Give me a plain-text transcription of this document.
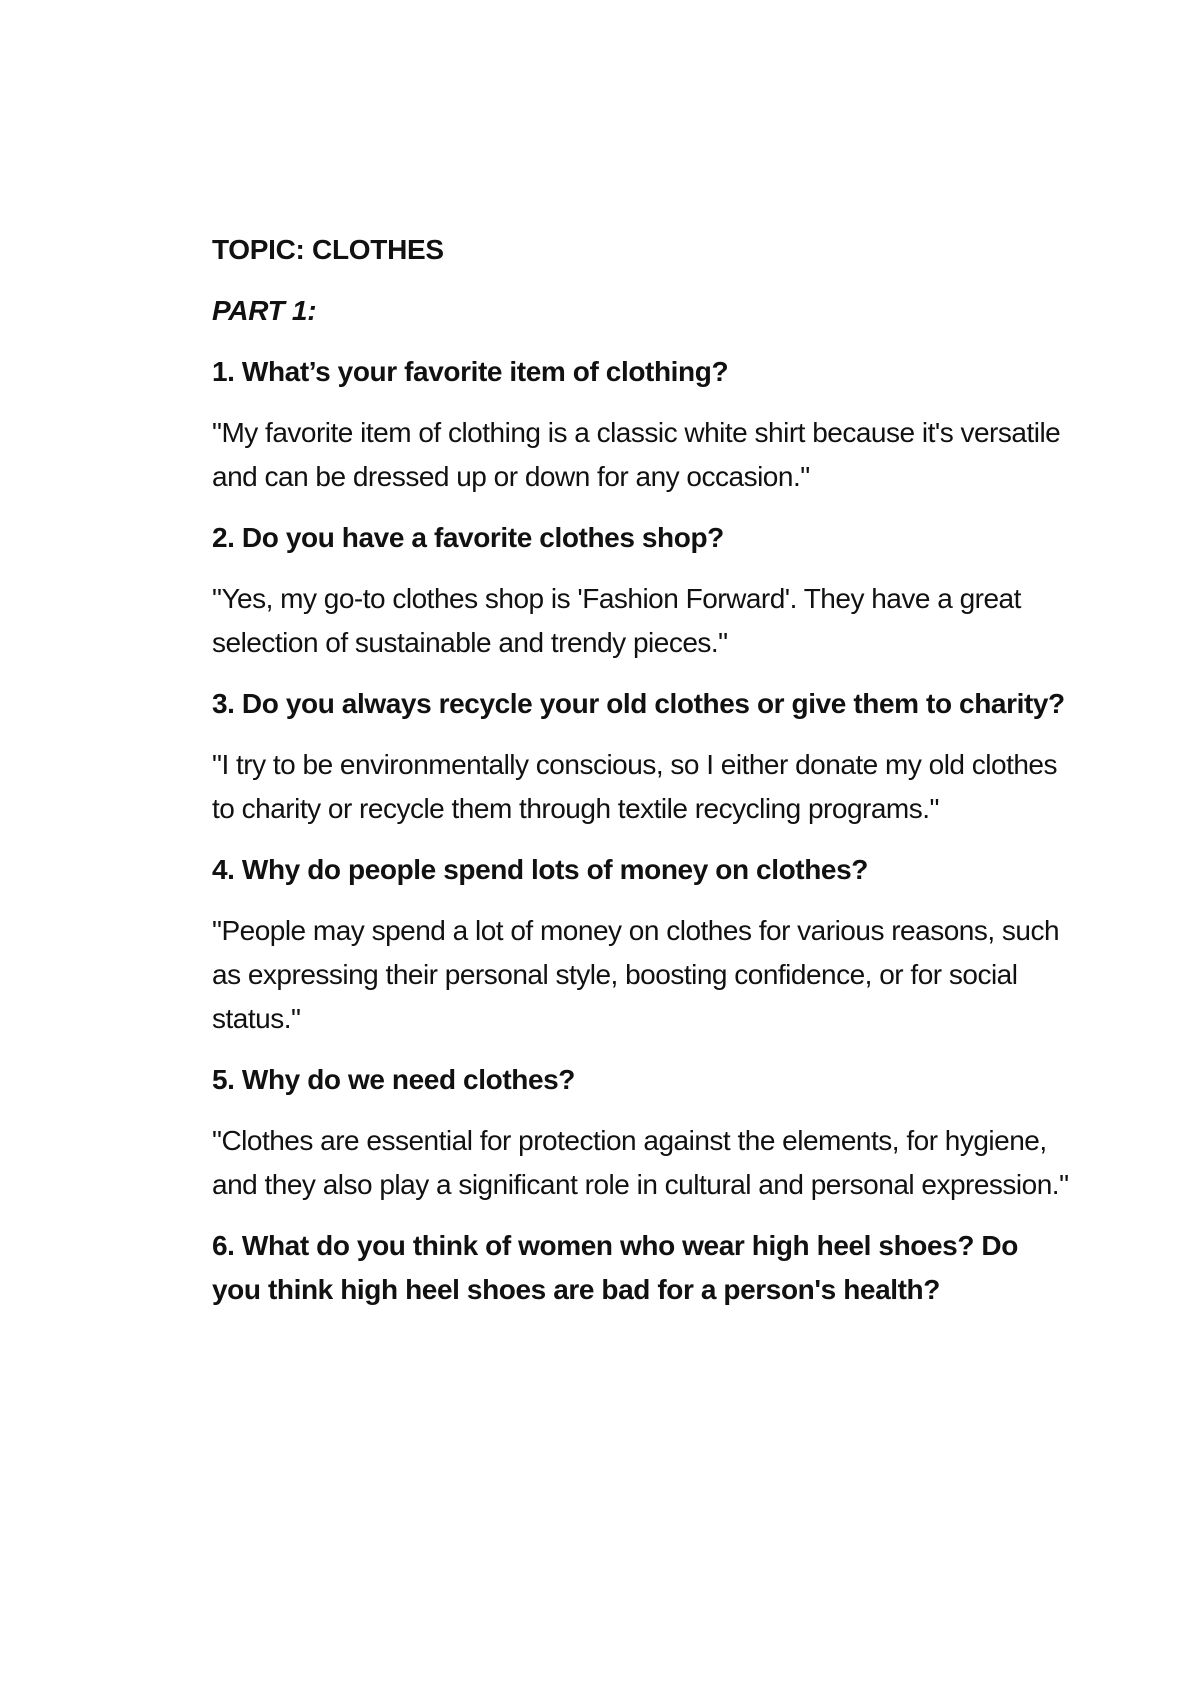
TOPIC: CLOTHES
PART 1:
1. What’s your favorite item of clothing?
"My favorite item of clothing is a classic white shirt because it's versatile and can be dressed up or down for any occasion."
2. Do you have a favorite clothes shop?
"Yes, my go-to clothes shop is 'Fashion Forward'. They have a great selection of sustainable and trendy pieces."
3. Do you always recycle your old clothes or give them to charity?
"I try to be environmentally conscious, so I either donate my old clothes to charity or recycle them through textile recycling programs."
4. Why do people spend lots of money on clothes?
"People may spend a lot of money on clothes for various reasons, such as expressing their personal style, boosting confidence, or for social status."
5. Why do we need clothes?
"Clothes are essential for protection against the elements, for hygiene, and they also play a significant role in cultural and personal expression."
6. What do you think of women who wear high heel shoes? Do you think high heel shoes are bad for a person's health?
